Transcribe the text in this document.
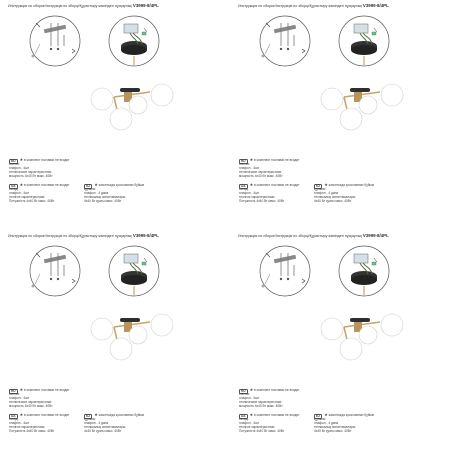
Инструкция по сборке/Інструкція по зборці/Құрастыру жөніндегі нұсқаулық V3999-8/4PL
RU	★ в комплект поставки не входит
состав:
плафон - 4шт
технические характеристики:
мощность 4x40 Вт макс. 40Вт
UA	★ в комплект поставки не входит
склад:
плафон - 4шт
технічні характеристики:
Потужність 4x40 Вт макс. 40Вт
KZ	★ жиынтыққа қосылмаған бұйым
құрамы:
плафон - 4 дана
техникалық сипаттамалары:
4x40 Вт қуаты макс. 40Вт
Инструкция по сборке/Інструкція по зборці/Құрастыру жөніндегі нұсқаулық V3999-8/4PL
RU	★ в комплект поставки не входит
состав:
плафон - 4шт
технические характеристики:
мощность 4x40 Вт макс. 40Вт
UA	★ в комплект поставки не входит
склад:
плафон - 4шт
технічні характеристики:
Потужність 4x40 Вт макс. 40Вт
KZ	★ жиынтыққа қосылмаған бұйым
құрамы:
плафон - 4 дана
техникалық сипаттамалары:
4x40 Вт қуаты макс. 40Вт
Инструкция по сборке/Інструкція по зборці/Құрастыру жөніндегі нұсқаулық V3999-8/4PL
RU	★ в комплект поставки не входит
состав:
плафон - 4шт
технические характеристики:
мощность 4x40 Вт макс. 40Вт
UA	★ в комплект поставки не входит
склад:
плафон - 4шт
технічні характеристики:
Потужність 4x40 Вт макс. 40Вт
KZ	★ жиынтыққа қосылмаған бұйым
құрамы:
плафон - 4 дана
техникалық сипаттамалары:
4x40 Вт қуаты макс. 40Вт
Инструкция по сборке/Інструкція по зборці/Құрастыру жөніндегі нұсқаулық V3999-8/4PL
RU	★ в комплект поставки не входит
состав:
плафон - 4шт
технические характеристики:
мощность 4x40 Вт макс. 40Вт
UA	★ в комплект поставки не входит
склад:
плафон - 4шт
технічні характеристики:
Потужність 4x40 Вт макс. 40Вт
KZ	★ жиынтыққа қосылмаған бұйым
құрамы:
плафон - 4 дана
техникалық сипаттамалары:
4x40 Вт қуаты макс. 40Вт
